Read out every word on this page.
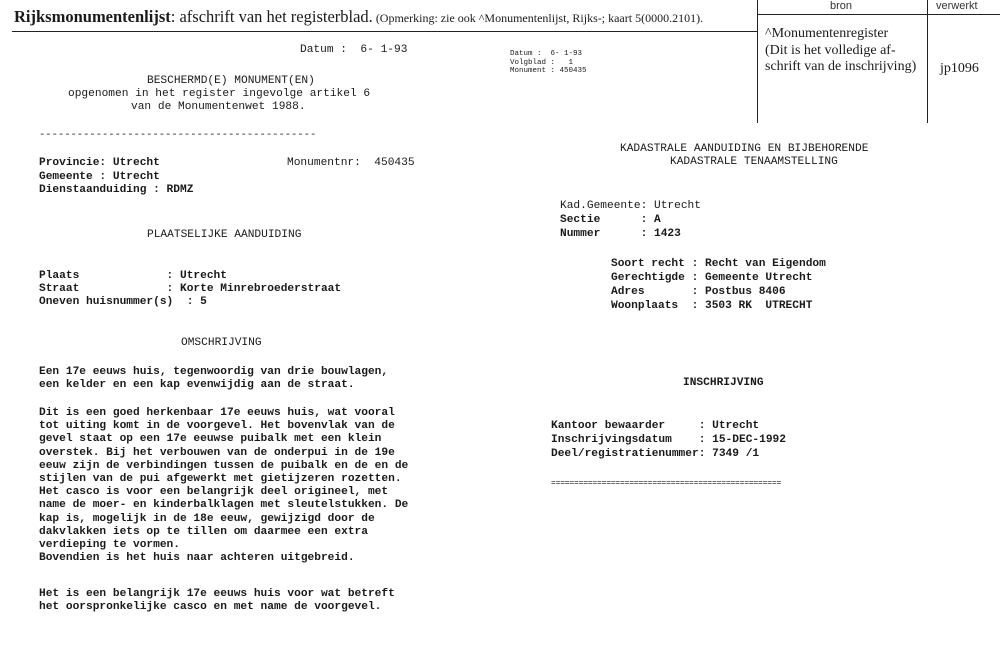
Rijksmonumentenlijst: afschrift van het registerblad. (Opmerking: zie ook ^Monumentenlijst, Rijks-; kaart 5(0000.2101).
bron	verwerkt
^Monumentenregister
(Dit is het volledige af-
schrift van de inschrijving) jp1096
Datum :  6- 1-93
BESCHERMD(E) MONUMENT(EN)
opgenomen in het register ingevolge artikel 6
van de Monumentenwet 1988.
--------------------------------------------
Provincie: Utrecht	Monumentnr:  450435
Gemeente : Utrecht
Dienstaanduiding : RDMZ
PLAATSELIJKE AANDUIDING
Plaats             : Utrecht
Straat             : Korte Minrebroederstraat
Oneven huisnummer(s)  : 5
OMSCHRIJVING
Een 17e eeuws huis, tegenwoordig van drie bouwlagen,
een kelder en een kap evenwijdig aan de straat.
Dit is een goed herkenbaar 17e eeuws huis, wat vooral
tot uiting komt in de voorgevel. Het bovenvlak van de
gevel staat op een 17e eeuwse puibalk met een klein
overstek. Bij het verbouwen van de onderpui in de 19e
eeuw zijn de verbindingen tussen de puibalk en de en de
stijlen van de pui afgewerkt met gietijzeren rozetten.
Het casco is voor een belangrijk deel origineel, met
name de moer- en kinderbalklagen met sleutelstukken. De
kap is, mogelijk in de 18e eeuw, gewijzigd door de
dakvlakken iets op te tillen om daarmee een extra
verdieping te vormen.
Bovendien is het huis naar achteren uitgebreid.
Het is een belangrijk 17e eeuws huis voor wat betreft
het oorspronkelijke casco en met name de voorgevel.
Datum :  6- 1-93
Volgblad :   1
Monument : 450435
KADASTRALE AANDUIDING EN BIJBEHORENDE
KADASTRALE TENAAMSTELLING
Kad.Gemeente: Utrecht
Sectie      : A
Nummer      : 1423
Soort recht : Recht van Eigendom
Gerechtigde : Gemeente Utrecht
Adres       : Postbus 8406
Woonplaats  : 3503 RK  UTRECHT
INSCHRIJVING
Kantoor bewaarder     : Utrecht
Inschrijvingsdatum    : 15-DEC-1992
Deel/registratienummer: 7349 /1
==================================================
